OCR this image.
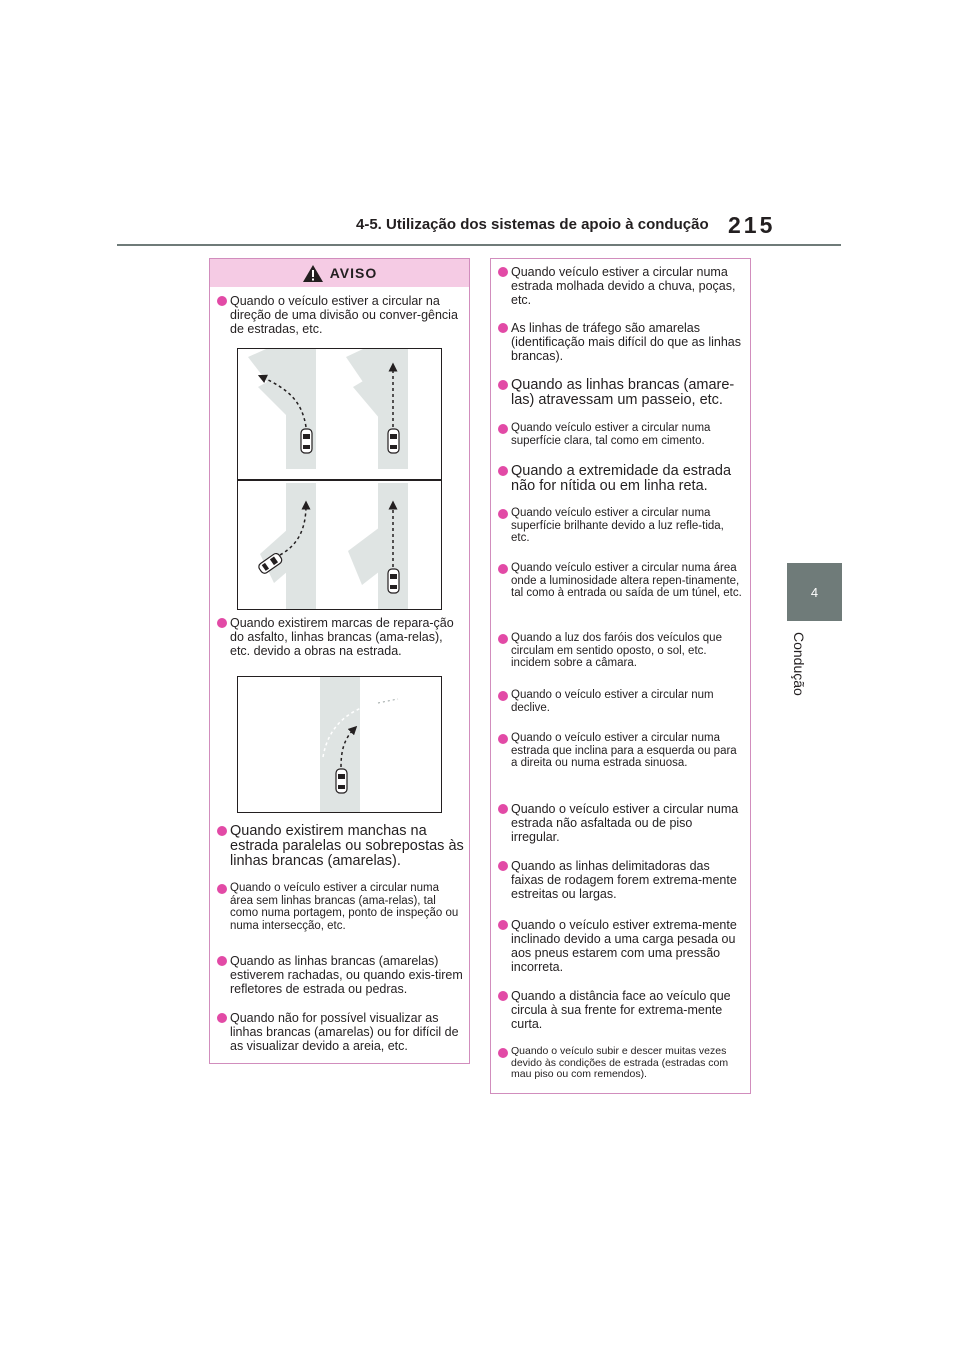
4-5. Utilização dos sistemas de apoio à condução 215
4
Condução
AVISO
Quando o veículo estiver a circular na direção de uma divisão ou conver-gência de estradas, etc.
Quando existirem marcas de repara-ção do asfalto, linhas brancas (ama-relas), etc. devido a obras na estrada.
Quando existirem manchas na estrada paralelas ou sobrepostas às linhas brancas (amarelas).
Quando o veículo estiver a circular numa área sem linhas brancas (ama-relas), tal como numa portagem, ponto de inspeção ou numa intersecção, etc.
Quando as linhas brancas (amarelas) estiverem rachadas, ou quando exis-tirem refletores de estrada ou pedras.
Quando não for possível visualizar as linhas brancas (amarelas) ou for difícil de as visualizar devido a areia, etc.
Quando veículo estiver a circular numa estrada molhada devido a chuva, poças, etc.
As linhas de tráfego são amarelas (identificação mais difícil do que as linhas brancas).
Quando as linhas brancas (amare-las) atravessam um passeio, etc.
Quando veículo estiver a circular numa superfície clara, tal como em cimento.
Quando a extremidade da estrada não for nítida ou em linha reta.
Quando veículo estiver a circular numa superfície brilhante devido a luz refle-tida, etc.
Quando veículo estiver a circular numa área onde a luminosidade altera repen-tinamente, tal como à entrada ou saída de um túnel, etc.
Quando a luz dos faróis dos veículos que circulam em sentido oposto, o sol, etc. incidem sobre a câmara.
Quando o veículo estiver a circular num declive.
Quando o veículo estiver a circular numa estrada que inclina para a esquerda ou para a direita ou numa estrada sinuosa.
Quando o veículo estiver a circular numa estrada não asfaltada ou de piso irregular.
Quando as linhas delimitadoras das faixas de rodagem forem extrema-mente estreitas ou largas.
Quando o veículo estiver extrema-mente inclinado devido a uma carga pesada ou aos pneus estarem com uma pressão incorreta.
Quando a distância face ao veículo que circula à sua frente for extrema-mente curta.
Quando o veículo subir e descer muitas vezes devido às condições de estrada (estradas com mau piso ou com remendos).
